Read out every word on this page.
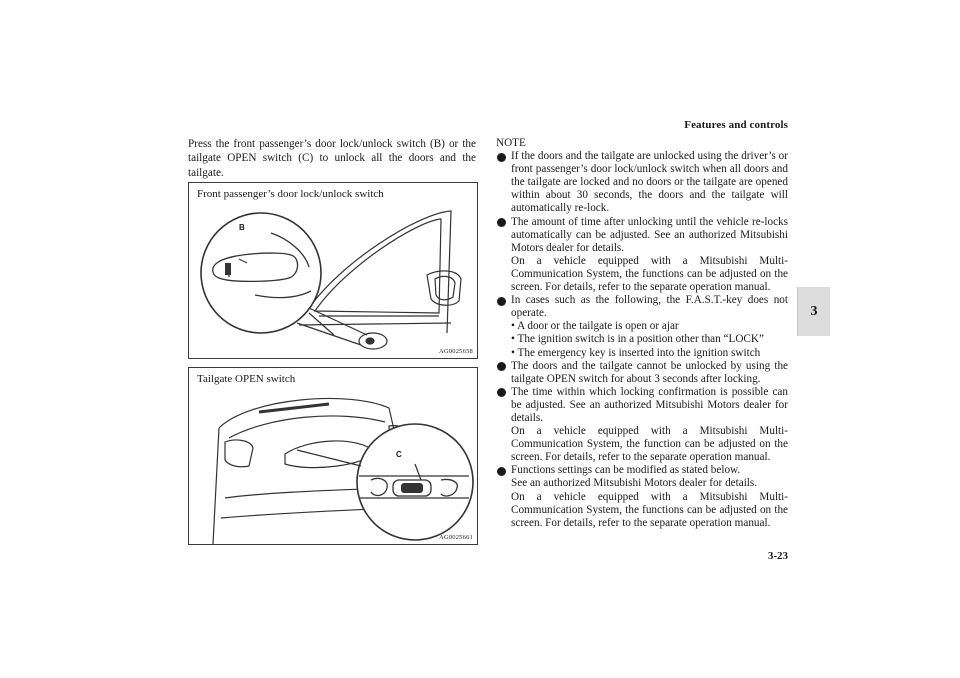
Features and controls
3

Press the front passenger’s door lock/unlock switch (B) or the tailgate OPEN switch (C) to unlock all the doors and the tailgate.

Front passenger’s door lock/unlock switch
B
AG0025658
Tailgate OPEN switch
C
AG0025661
NOTE
If the doors and the tailgate are unlocked using the driver’s or front passenger’s door lock/unlock switch when all doors and the tailgate are locked and no doors or the tailgate are opened within about 30 seconds, the doors and the tailgate will automatically re-lock.
The amount of time after unlocking until the vehicle re-locks automatically can be adjusted. See an authorized Mitsubishi Motors dealer for details.
On a vehicle equipped with a Mitsubishi Multi-Communication System, the functions can be adjusted on the screen. For details, refer to the separate operation manual.
In cases such as the following, the F.A.S.T.-key does not operate.
• A door or the tailgate is open or ajar
• The ignition switch is in a position other than “LOCK”
• The emergency key is inserted into the ignition switch
The doors and the tailgate cannot be unlocked by using the tailgate OPEN switch for about 3 seconds after locking.
The time within which locking confirmation is possible can be adjusted. See an authorized Mitsubishi Motors dealer for details.
On a vehicle equipped with a Mitsubishi Multi-Communication System, the function can be adjusted on the screen. For details, refer to the separate operation manual.
Functions settings can be modified as stated below.
See an authorized Mitsubishi Motors dealer for details.
On a vehicle equipped with a Mitsubishi Multi-Communication System, the functions can be adjusted on the screen. For details, refer to the separate operation manual.
3-23
